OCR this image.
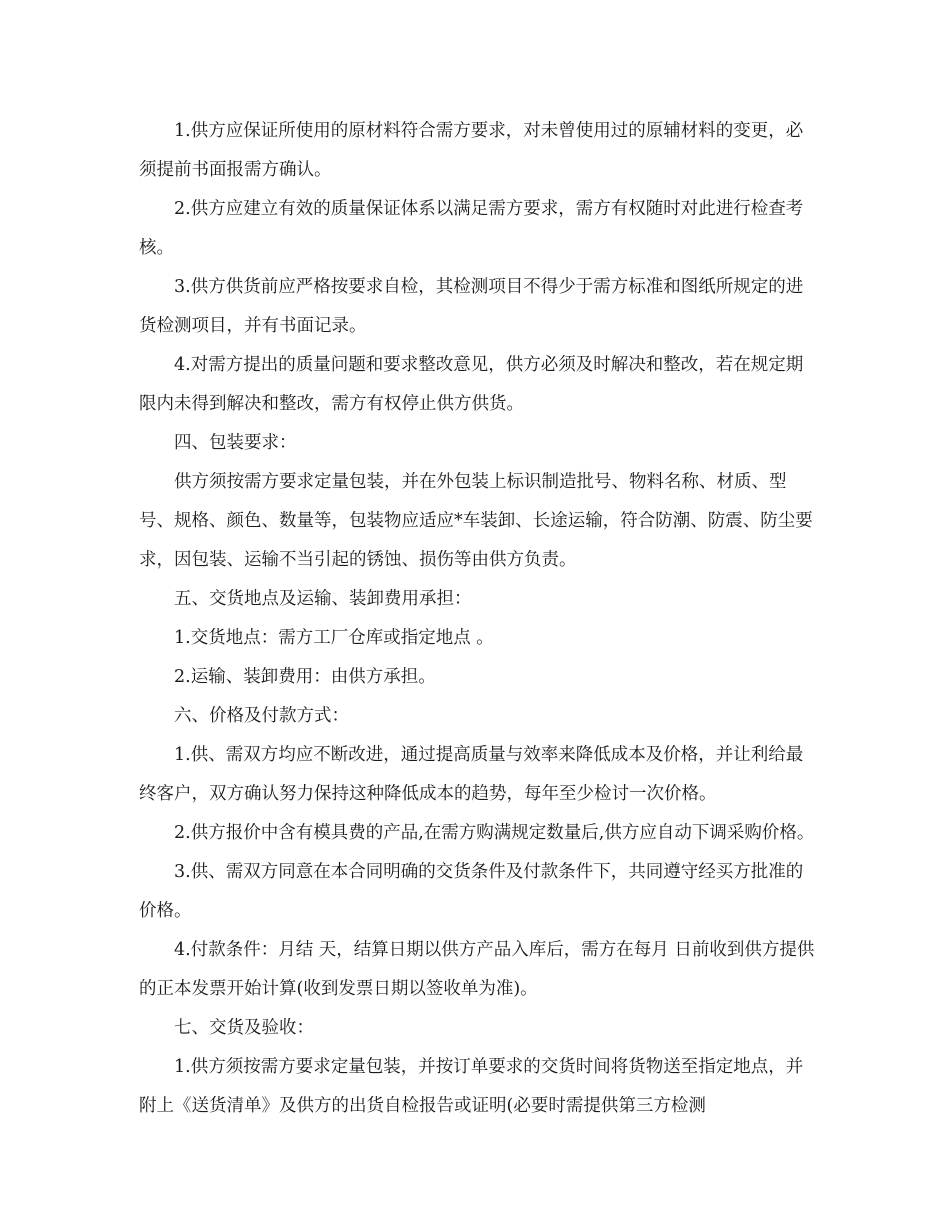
1.供方应保证所使用的原材料符合需方要求，对未曾使用过的原辅材料的变更，必须提前书面报需方确认。

2.供方应建立有效的质量保证体系以满足需方要求，需方有权随时对此进行检查考核。

3.供方供货前应严格按要求自检，其检测项目不得少于需方标准和图纸所规定的进货检测项目，并有书面记录。

4.对需方提出的质量问题和要求整改意见，供方必须及时解决和整改，若在规定期限内未得到解决和整改，需方有权停止供方供货。

四、包装要求：

供方须按需方要求定量包装，并在外包装上标识制造批号、物料名称、材质、型号、规格、颜色、数量等，包装物应适应*车装卸、长途运输，符合防潮、防震、防尘要求，因包装、运输不当引起的锈蚀、损伤等由供方负责。

五、交货地点及运输、装卸费用承担：

1.交货地点：需方工厂仓库或指定地点 。

2.运输、装卸费用：由供方承担。

六、价格及付款方式：

1.供、需双方均应不断改进，通过提高质量与效率来降低成本及价格，并让利给最终客户，双方确认努力保持这种降低成本的趋势，每年至少检讨一次价格。

2.供方报价中含有模具费的产品,在需方购满规定数量后,供方应自动下调采购价格。

3.供、需双方同意在本合同明确的交货条件及付款条件下，共同遵守经买方批准的价格。

4.付款条件：月结 天，结算日期以供方产品入库后，需方在每月 日前收到供方提供的正本发票开始计算(收到发票日期以签收单为准)。

七、交货及验收：

1.供方须按需方要求定量包装，并按订单要求的交货时间将货物送至指定地点，并附上《送货清单》及供方的出货自检报告或证明(必要时需提供第三方检测
